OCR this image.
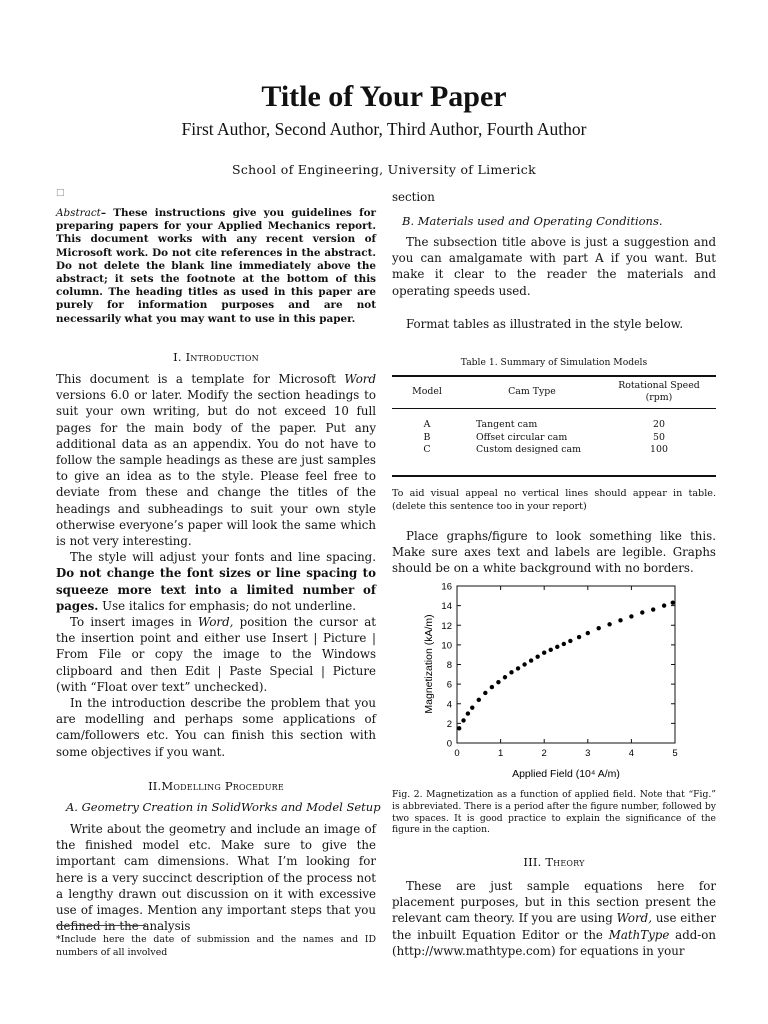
Title of Your Paper
First Author, Second Author, Third Author, Fourth Author
School of Engineering, University of Limerick
□
Abstract– These instructions give you guidelines for preparing papers for your Applied Mechanics report. This document works with any recent version of Microsoft work. Do not cite references in the abstract. Do not delete the blank line immediately above the abstract; it sets the footnote at the bottom of this column. The heading titles as used in this paper are purely for information purposes and are not necessarily what you may want to use in this paper.
I. Introduction

This document is a template for Microsoft Word versions 6.0 or later. Modify the section headings to suit your own writing, but do not exceed 10 full pages for the main body of the paper. Put any additional data as an appendix. You do not have to follow the sample headings as these are just samples to give an idea as to the style. Please feel free to deviate from these and change the titles of the headings and subheadings to suit your own style otherwise everyone’s paper will look the same which is not very interesting.

The style will adjust your fonts and line spacing. Do not change the font sizes or line spacing to squeeze more text into a limited number of pages. Use italics for emphasis; do not underline.

To insert images in Word, position the cursor at the insertion point and either use Insert | Picture | From File or copy the image to the Windows clipboard and then Edit | Paste Special | Picture (with “Float over text” unchecked).

In the introduction describe the problem that you are modelling and perhaps some applications of cam/followers etc. You can finish this section with some objectives if you want.

II.Modelling Procedure
A. Geometry Creation in SolidWorks and Model Setup

Write about the geometry and include an image of the finished model etc. Make sure to give the important cam dimensions. What I’m looking for here is a very succinct description of the process not a lengthy drawn out discussion on it with excessive use of images. Mention any important steps that you defined in the analysis

*Include here the date of submission and the names and ID numbers of all involved
section
B. Materials used and Operating Conditions.

The subsection title above is just a suggestion and you can amalgamate with part A if you want. But make it clear to the reader the materials and operating speeds used.

Format tables as illustrated in the style below.

Table 1. Summary of Simulation Models
Model	Cam Type	Rotational Speed (rpm)
A	Tangent cam	20
B	Offset circular cam	50
C	Custom designed cam	100
To aid visual appeal no vertical lines should appear in table. (delete this sentence too in your report)

Place graphs/figure to look something like this. Make sure axes text and labels are legible. Graphs should be on a white background with no borders.

0	1	2	3	4	5
0
2
4
6
8
10
12
14
16
Applied Field (10⁴ A/m)
Magnetization (kA/m)
Fig. 2. Magnetization as a function of applied field. Note that “Fig.” is abbreviated. There is a period after the figure number, followed by two spaces. It is good practice to explain the significance of the figure in the caption.
III. Theory

These are just sample equations here for placement purposes, but in this section present the relevant cam theory. If you are using Word, use either the inbuilt Equation Editor or the MathType add-on (http://www.mathtype.com) for equations in your
